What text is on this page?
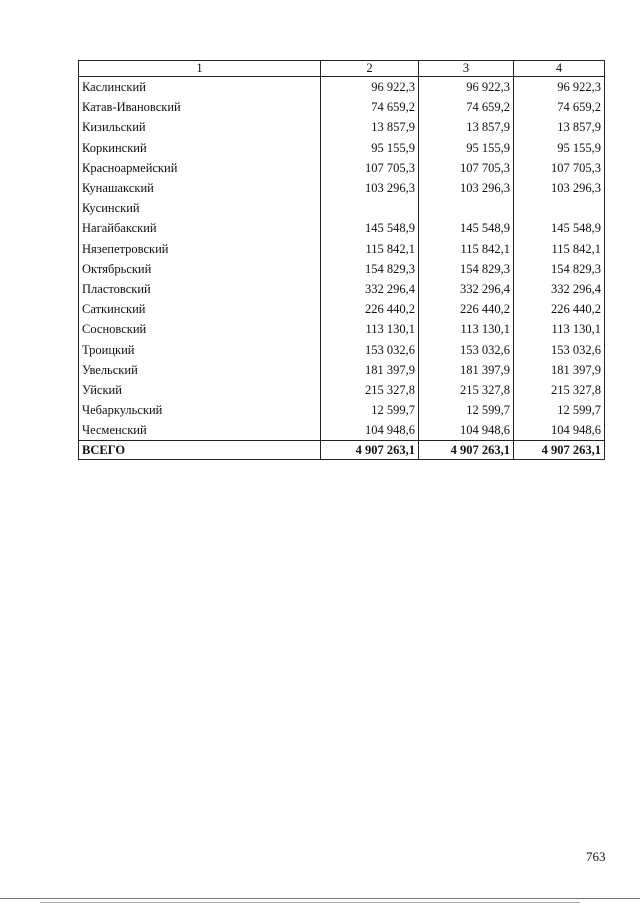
1	2	3	4
Каслинский	96 922,3	96 922,3	96 922,3
Катав-Ивановский	74 659,2	74 659,2	74 659,2
Кизильский	13 857,9	13 857,9	13 857,9
Коркинский	95 155,9	95 155,9	95 155,9
Красноармейский	107 705,3	107 705,3	107 705,3
Кунашакский	103 296,3	103 296,3	103 296,3
Кусинский			
Нагайбакский	145 548,9	145 548,9	145 548,9
Нязепетровский	115 842,1	115 842,1	115 842,1
Октябрьский	154 829,3	154 829,3	154 829,3
Пластовский	332 296,4	332 296,4	332 296,4
Саткинский	226 440,2	226 440,2	226 440,2
Сосновский	113 130,1	113 130,1	113 130,1
Троицкий	153 032,6	153 032,6	153 032,6
Увельский	181 397,9	181 397,9	181 397,9
Уйский	215 327,8	215 327,8	215 327,8
Чебаркульский	12 599,7	12 599,7	12 599,7
Чесменский	104 948,6	104 948,6	104 948,6
ВСЕГО	4 907 263,1	4 907 263,1	4 907 263,1
763
